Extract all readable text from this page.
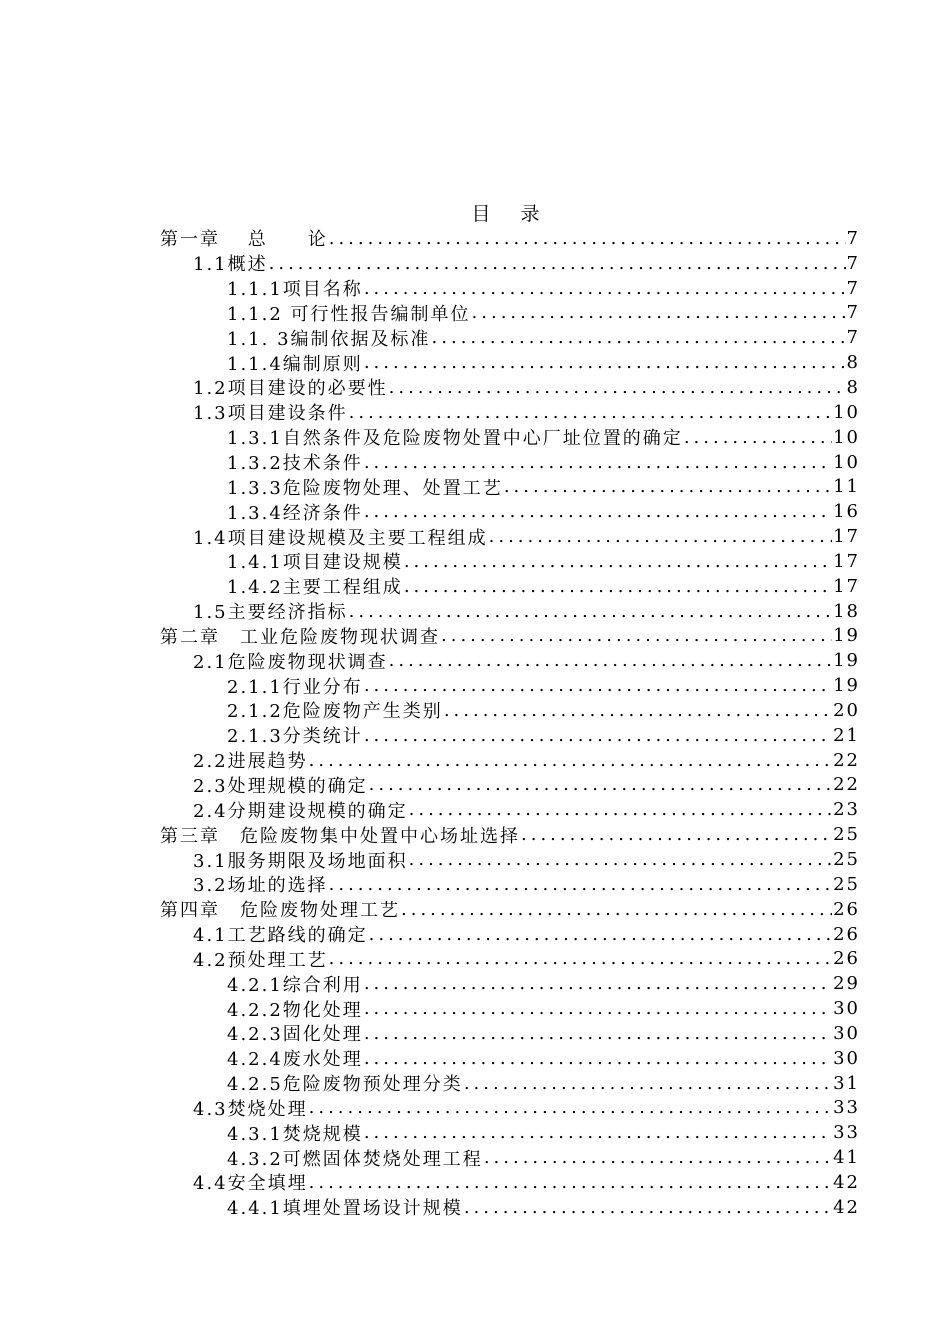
目 录
第一章　 总　　论 .....	7
1.1概述 .....	7
1.1.1项目名称 .....	7
1.1.2 可行性报告编制单位 .....	7
1.1. 3编制依据及标准 .....	7
1.1.4编制原则 .....	8
1.2项目建设的必要性 .....	8
1.3项目建设条件 .....	10
1.3.1自然条件及危险废物处置中心厂址位置的确定 .....	10
1.3.2技术条件 .....	10
1.3.3危险废物处理、处置工艺 .....	11
1.3.4经济条件 .....	16
1.4项目建设规模及主要工程组成 .....	17
1.4.1项目建设规模 .....	17
1.4.2主要工程组成 .....	17
1.5主要经济指标 .....	18
第二章　工业危险废物现状调查 .....	19
2.1危险废物现状调查 .....	19
2.1.1行业分布 .....	19
2.1.2危险废物产生类别 .....	20
2.1.3分类统计 .....	21
2.2进展趋势 .....	22
2.3处理规模的确定 .....	22
2.4分期建设规模的确定 .....	23
第三章　危险废物集中处置中心场址选择 .....	25
3.1服务期限及场地面积 .....	25
3.2场址的选择 .....	25
第四章　危险废物处理工艺 .....	26
4.1工艺路线的确定 .....	26
4.2预处理工艺 .....	26
4.2.1综合利用 .....	29
4.2.2物化处理 .....	30
4.2.3固化处理 .....	30
4.2.4废水处理 .....	30
4.2.5危险废物预处理分类 .....	31
4.3焚烧处理 .....	33
4.3.1焚烧规模 .....	33
4.3.2可燃固体焚烧处理工程 .....	41
4.4安全填埋 .....	42
4.4.1填埋处置场设计规模 .....	42
